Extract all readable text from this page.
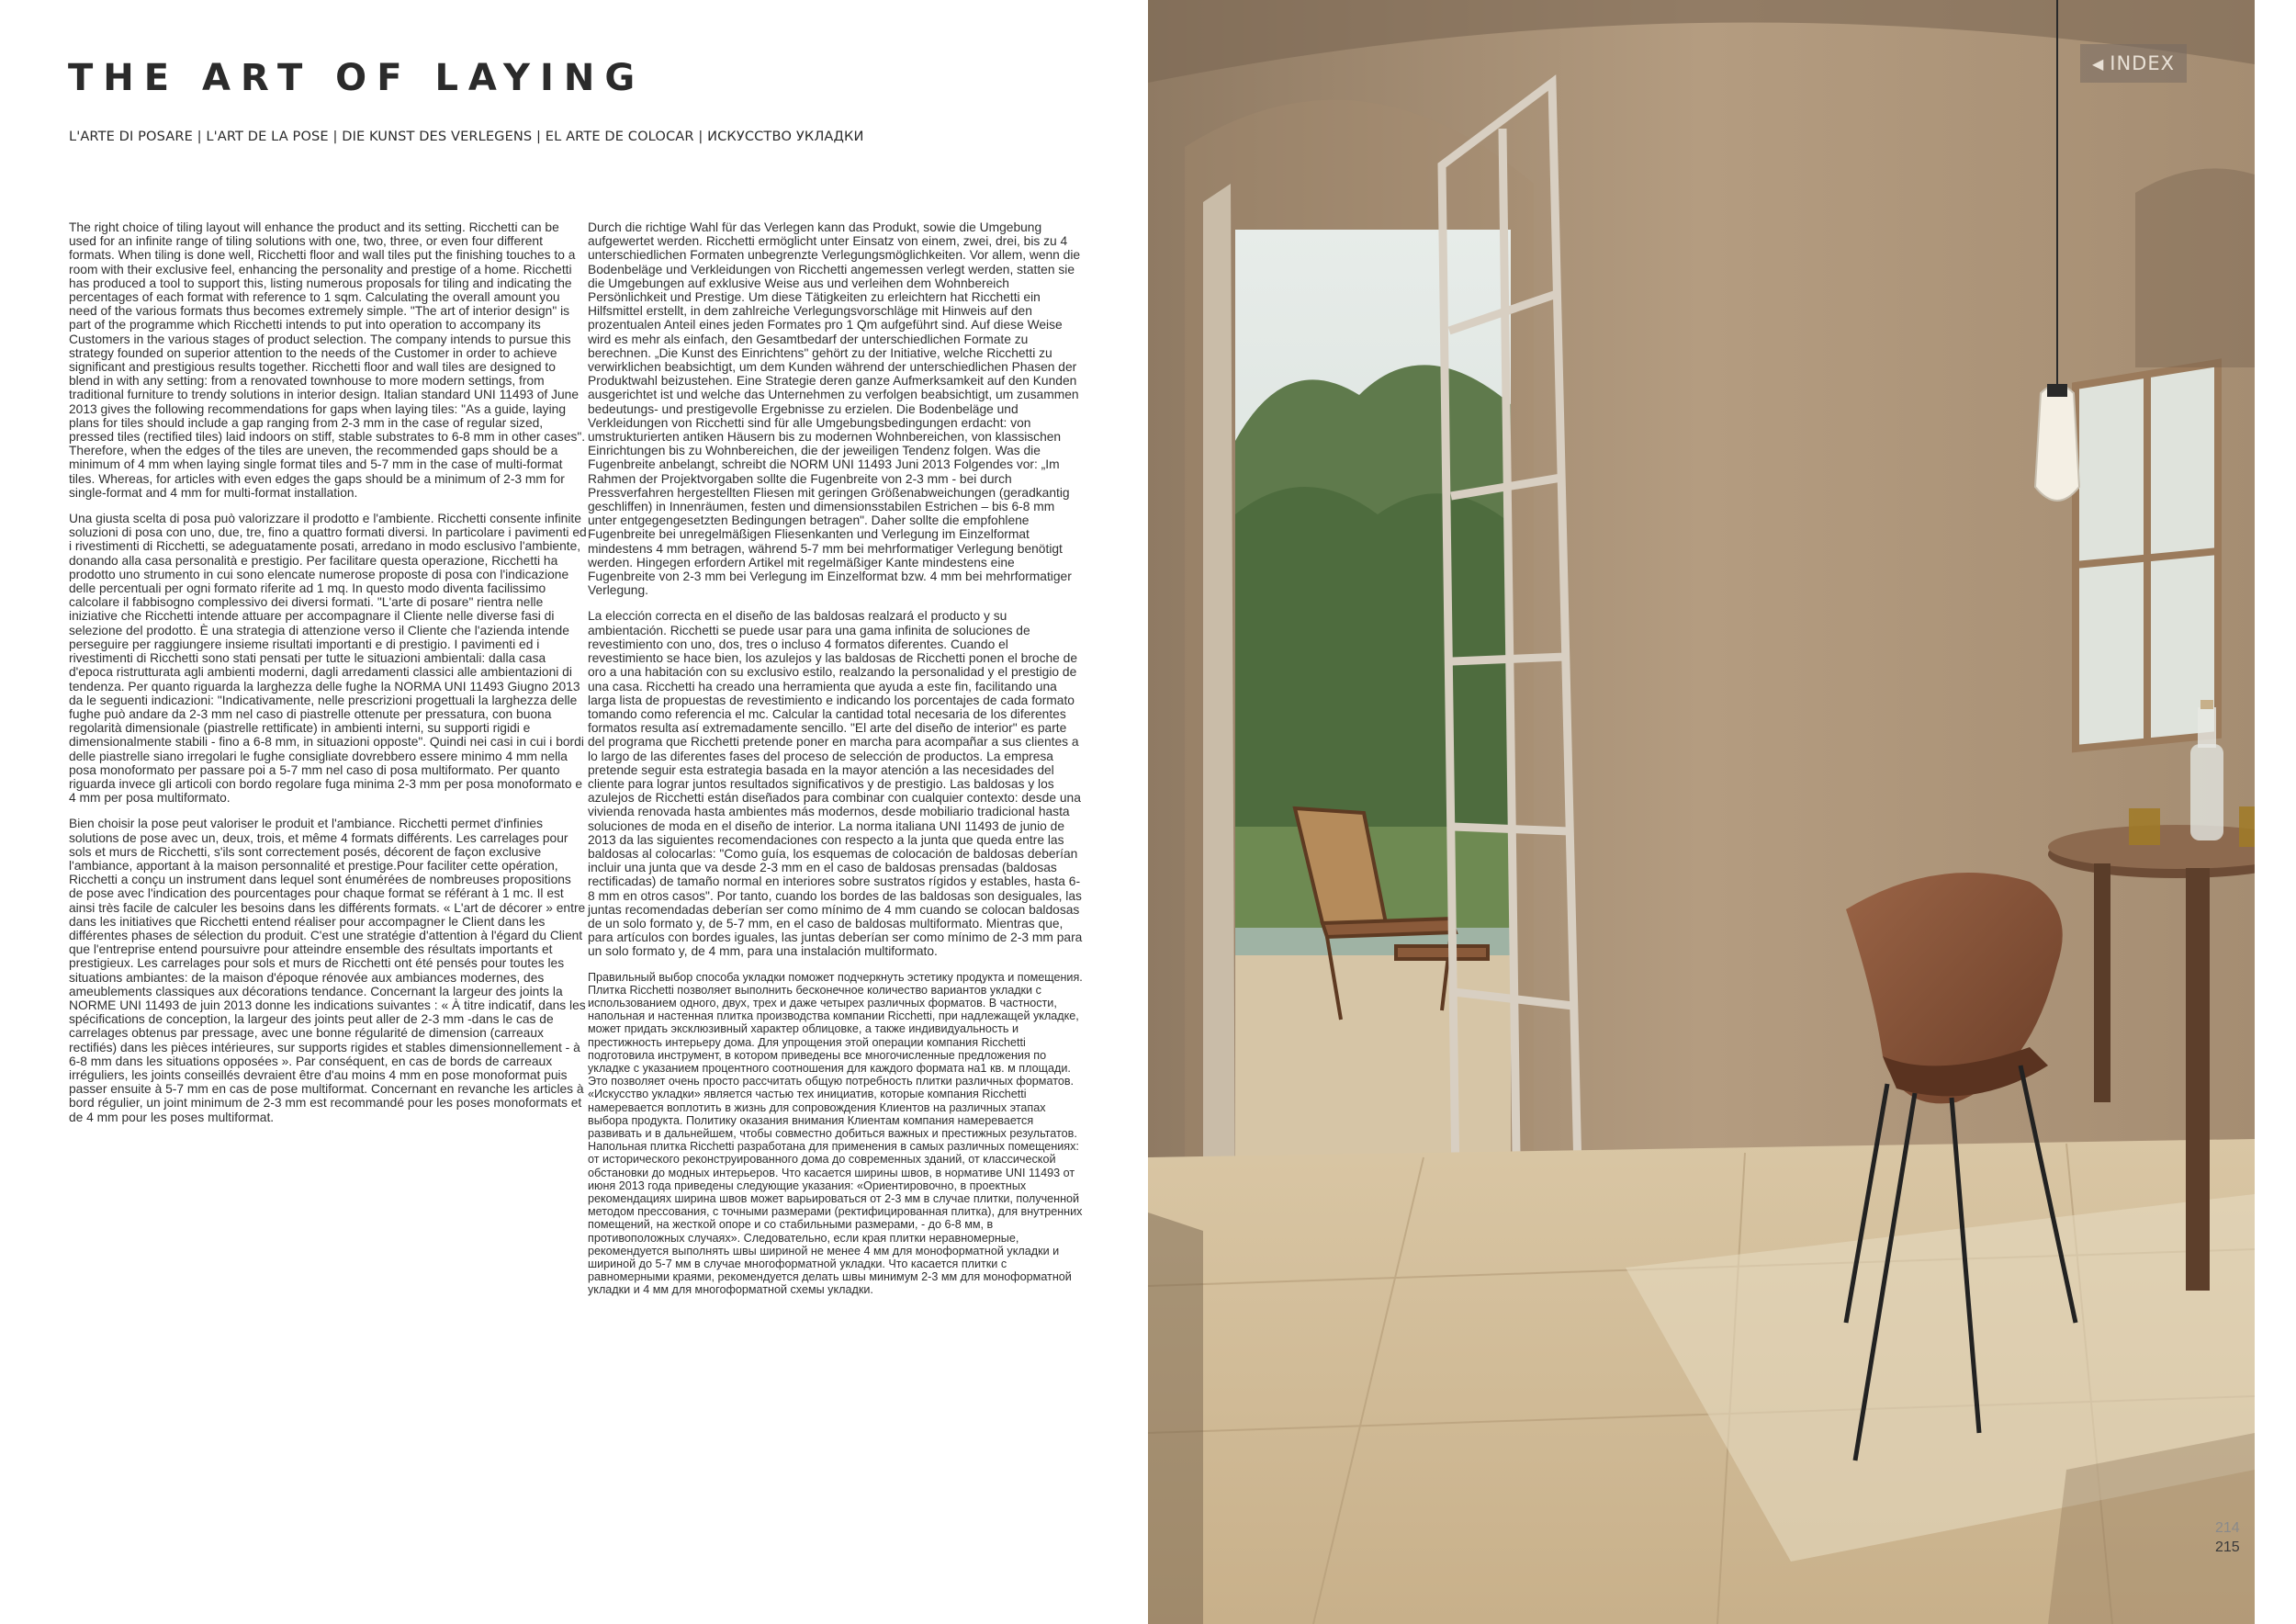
THE ART OF LAYING
L'ARTE DI POSARE | L'ART DE LA POSE | DIE KUNST DES VERLEGENS | EL ARTE DE COLOCAR | ИСКУССТВО УКЛАДКИ

The right choice of tiling layout will enhance the product and its setting. Ricchetti can be used for an infinite range of tiling solutions with one, two, three, or even four different formats. When tiling is done well, Ricchetti floor and wall tiles put the finishing touches to a room with their exclusive feel, enhancing the personality and prestige of a home. Ricchetti has produced a tool to support this, listing numerous proposals for tiling and indicating the percentages of each format with reference to 1 sqm. Calculating the overall amount you need of the various formats thus becomes extremely simple. "The art of interior design" is part of the programme which Ricchetti intends to put into operation to accompany its Customers in the various stages of product selection. The company intends to pursue this strategy founded on superior attention to the needs of the Customer in order to achieve significant and prestigious results together. Ricchetti floor and wall tiles are designed to blend in with any setting: from a renovated townhouse to more modern settings, from traditional furniture to trendy solutions in interior design. Italian standard UNI 11493 of June 2013 gives the following recommendations for gaps when laying tiles: "As a guide, laying plans for tiles should include a gap ranging from 2-3 mm in the case of regular sized, pressed tiles (rectified tiles) laid indoors on stiff, stable substrates to 6-8 mm in other cases". Therefore, when the edges of the tiles are uneven, the recommended gaps should be a minimum of 4 mm when laying single format tiles and 5-7 mm in the case of multi-format tiles. Whereas, for articles with even edges the gaps should be a minimum of 2-3 mm for single-format and 4 mm for multi-format installation.

Una giusta scelta di posa può valorizzare il prodotto e l'ambiente. Ricchetti consente infinite soluzioni di posa con uno, due, tre, fino a quattro formati diversi. In particolare i pavimenti ed i rivestimenti di Ricchetti, se adeguatamente posati, arredano in modo esclusivo l'ambiente, donando alla casa personalità e prestigio. Per facilitare questa operazione, Ricchetti ha prodotto uno strumento in cui sono elencate numerose proposte di posa con l'indicazione delle percentuali per ogni formato riferite ad 1 mq. In questo modo diventa facilissimo calcolare il fabbisogno complessivo dei diversi formati. "L'arte di posare" rientra nelle iniziative che Ricchetti intende attuare per accompagnare il Cliente nelle diverse fasi di selezione del prodotto. È una strategia di attenzione verso il Cliente che l'azienda intende perseguire per raggiungere insieme risultati importanti e di prestigio. I pavimenti ed i rivestimenti di Ricchetti sono stati pensati per tutte le situazioni ambientali: dalla casa d'epoca ristrutturata agli ambienti moderni, dagli arredamenti classici alle ambientazioni di tendenza. Per quanto riguarda la larghezza delle fughe la NORMA UNI 11493 Giugno 2013 da le seguenti indicazioni: "Indicativamente, nelle prescrizioni progettuali la larghezza delle fughe può andare da 2-3 mm nel caso di piastrelle ottenute per pressatura, con buona regolarità dimensionale (piastrelle rettificate) in ambienti interni, su supporti rigidi e dimensionalmente stabili - fino a 6-8 mm, in situazioni opposte". Quindi nei casi in cui i bordi delle piastrelle siano irregolari le fughe consigliate dovrebbero essere minimo 4 mm nella posa monoformato per passare poi a 5-7 mm nel caso di posa multiformato. Per quanto riguarda invece gli articoli con bordo regolare fuga minima 2-3 mm per posa monoformato e 4 mm per posa multiformato.

Bien choisir la pose peut valoriser le produit et l'ambiance. Ricchetti permet d'infinies solutions de pose avec un, deux, trois, et même 4 formats différents. Les carrelages pour sols et murs de Ricchetti, s'ils sont correctement posés, décorent de façon exclusive l'ambiance, apportant à la maison personnalité et prestige.Pour faciliter cette opération, Ricchetti a conçu un instrument dans lequel sont énumérées de nombreuses propositions de pose avec l'indication des pourcentages pour chaque format se référant à 1 mc. Il est ainsi très facile de calculer les besoins dans les différents formats. « L'art de décorer » entre dans les initiatives que Ricchetti entend réaliser pour accompagner le Client dans les différentes phases de sélection du produit. C'est une stratégie d'attention à l'égard du Client que l'entreprise entend poursuivre pour atteindre ensemble des résultats importants et prestigieux. Les carrelages pour sols et murs de Ricchetti ont été pensés pour toutes les situations ambiantes: de la maison d'époque rénovée aux ambiances modernes, des ameublements classiques aux décorations tendance. Concernant la largeur des joints la NORME UNI 11493 de juin 2013 donne les indications suivantes : « À titre indicatif, dans les spécifications de conception, la largeur des joints peut aller de 2-3 mm -dans le cas de carrelages obtenus par pressage, avec une bonne régularité de dimension (carreaux rectifiés) dans les pièces intérieures, sur supports rigides et stables dimensionnellement - à 6-8 mm dans les situations opposées ». Par conséquent, en cas de bords de carreaux irréguliers, les joints conseillés devraient être d'au moins 4 mm en pose monoformat puis passer ensuite à 5-7 mm en cas de pose multiformat. Concernant en revanche les articles à bord régulier, un joint minimum de 2-3 mm est recommandé pour les poses monoformats et de 4 mm pour les poses multiformat.

Durch die richtige Wahl für das Verlegen kann das Produkt, sowie die Umgebung aufgewertet werden. Ricchetti ermöglicht unter Einsatz von einem, zwei, drei, bis zu 4 unterschiedlichen Formaten unbegrenzte Verlegungsmöglichkeiten. Vor allem, wenn die Bodenbeläge und Verkleidungen von Ricchetti angemessen verlegt werden, statten sie die Umgebungen auf exklusive Weise aus und verleihen dem Wohnbereich Persönlichkeit und Prestige. Um diese Tätigkeiten zu erleichtern hat Ricchetti ein Hilfsmittel erstellt, in dem zahlreiche Verlegungsvorschläge mit Hinweis auf den prozentualen Anteil eines jeden Formates pro 1 Qm aufgeführt sind. Auf diese Weise wird es mehr als einfach, den Gesamtbedarf der unterschiedlichen Formate zu berechnen. „Die Kunst des Einrichtens" gehört zu der Initiative, welche Ricchetti zu verwirklichen beabsichtigt, um dem Kunden während der unterschiedlichen Phasen der Produktwahl beizustehen. Eine Strategie deren ganze Aufmerksamkeit auf den Kunden ausgerichtet ist und welche das Unternehmen zu verfolgen beabsichtigt, um zusammen bedeutungs- und prestigevolle Ergebnisse zu erzielen. Die Bodenbeläge und Verkleidungen von Ricchetti sind für alle Umgebungsbedingungen erdacht: von umstrukturierten antiken Häusern bis zu modernen Wohnbereichen, von klassischen Einrichtungen bis zu Wohnbereichen, die der jeweiligen Tendenz folgen. Was die Fugenbreite anbelangt, schreibt die NORM UNI 11493 Juni 2013 Folgendes vor: „Im Rahmen der Projektvorgaben sollte die Fugenbreite von 2-3 mm - bei durch Pressverfahren hergestellten Fliesen mit geringen Größenabweichungen (geradkantig geschliffen) in Innenräumen, festen und dimensionsstabilen Estrichen – bis 6-8 mm unter entgegengesetzten Bedingungen betragen". Daher sollte die empfohlene Fugenbreite bei unregelmäßigen Fliesenkanten und Verlegung im Einzelformat mindestens 4 mm betragen, während 5-7 mm bei mehrformatiger Verlegung benötigt werden. Hingegen erfordern Artikel mit regelmäßiger Kante mindestens eine Fugenbreite von 2-3 mm bei Verlegung im Einzelformat bzw. 4 mm bei mehrformatiger Verlegung.

La elección correcta en el diseño de las baldosas realzará el producto y su ambientación. Ricchetti se puede usar para una gama infinita de soluciones de revestimiento con uno, dos, tres o incluso 4 formatos diferentes. Cuando el revestimiento se hace bien, los azulejos y las baldosas de Ricchetti ponen el broche de oro a una habitación con su exclusivo estilo, realzando la personalidad y el prestigio de una casa. Ricchetti ha creado una herramienta que ayuda a este fin, facilitando una larga lista de propuestas de revestimiento e indicando los porcentajes de cada formato tomando como referencia el mc. Calcular la cantidad total necesaria de los diferentes formatos resulta así extremadamente sencillo. "El arte del diseño de interior" es parte del programa que Ricchetti pretende poner en marcha para acompañar a sus clientes a lo largo de las diferentes fases del proceso de selección de productos. La empresa pretende seguir esta estrategia basada en la mayor atención a las necesidades del cliente para lograr juntos resultados significativos y de prestigio. Las baldosas y los azulejos de Ricchetti están diseñados para combinar con cualquier contexto: desde una vivienda renovada hasta ambientes más modernos, desde mobiliario tradicional hasta soluciones de moda en el diseño de interior. La norma italiana UNI 11493 de junio de 2013 da las siguientes recomendaciones con respecto a la junta que queda entre las baldosas al colocarlas: "Como guía, los esquemas de colocación de baldosas deberían incluir una junta que va desde 2-3 mm en el caso de baldosas prensadas (baldosas rectificadas) de tamaño normal en interiores sobre sustratos rígidos y estables, hasta 6-8 mm en otros casos". Por tanto, cuando los bordes de las baldosas son desiguales, las juntas recomendadas deberían ser como mínimo de 4 mm cuando se colocan baldosas de un solo formato y, de 5-7 mm, en el caso de baldosas multiformato. Mientras que, para artículos con bordes iguales, las juntas deberían ser como mínimo de 2-3 mm para un solo formato y, de 4 mm, para una instalación multiformato.

Правильный выбор способа укладки поможет подчеркнуть эстетику продукта и помещения. Плитка Ricchetti позволяет выполнить бесконечное количество вариантов укладки с использованием одного, двух, трех и даже четырех различных форматов. В частности, напольная и настенная плитка производства компании Ricchetti, при надлежащей укладке, может придать эксклюзивный характер облицовке, а также индивидуальность и престижность интерьеру дома. Для упрощения этой операции компания Ricchetti подготовила инструмент, в котором приведены все многочисленные предложения по укладке с указанием процентного соотношения для каждого формата на1 кв. м площади. Это позволяет очень просто рассчитать общую потребность плитки различных форматов. «Искусство укладки» является частью тех инициатив, которые компания Ricchetti намеревается воплотить в жизнь для сопровождения Клиентов на различных этапах выбора продукта. Политику оказания внимания Клиентам компания намеревается развивать и в дальнейшем, чтобы совместно добиться важных и престижных результатов. Напольная плитка Ricchetti разработана для применения в самых различных помещениях: от исторического реконструированного дома до современных зданий, от классической обстановки до модных интерьеров. Что касается ширины швов, в нормативе UNI 11493 от июня 2013 года приведены следующие указания: «Ориентировочно, в проектных рекомендациях ширина швов может варьироваться от 2-3 мм в случае плитки, полученной методом прессования, с точными размерами (ректифицированная плитка), для внутренних помещений, на жесткой опоре и со стабильными размерами, - до 6-8 мм, в противоположных случаях». Следовательно, если края плитки неравномерные, рекомендуется выполнять швы шириной не менее 4 мм для моноформатной укладки и шириной до 5-7 мм в случае многоформатной укладки. Что касается плитки с равномерными краями, рекомендуется делать швы минимум 2-3 мм для моноформатной укладки и 4 мм для многоформатной схемы укладки.

◀ INDEX
214
215
